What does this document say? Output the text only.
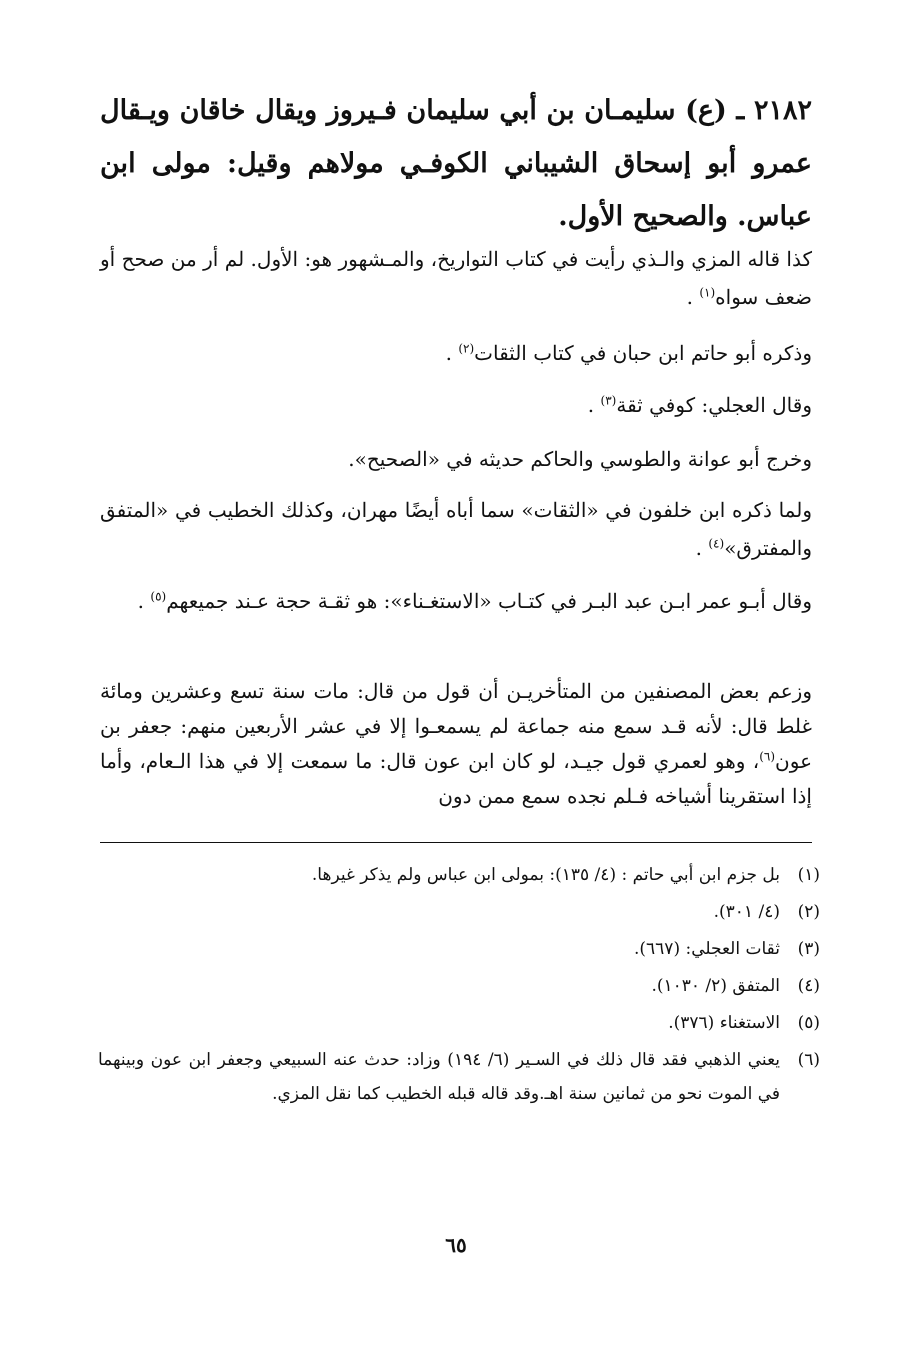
٢١٨٢ ـ (ع) سليمـان بن أبي سليمان فـيروز ويقال خاقان ويـقال عمرو أبو إسحاق الشيباني الكوفـي مولاهم وقيل: مولى ابن عباس. والصحيح الأول.

كذا قاله المزي والـذي رأيت في كتاب التواريخ، والمـشهور هو: الأول. لم أر من صحح أو ضعف سواه$^{(١)}$ .

وذكره أبو حاتم ابن حبان في كتاب الثقات$^{(٢)}$ .

وقال العجلي: كوفي ثقة$^{(٣)}$ .

وخرج أبو عوانة والطوسي والحاكم حديثه في «الصحيح».

ولما ذكره ابن خلفون في «الثقات» سما أباه أيضًا مهران، وكذلك الخطيب في «المتفق والمفترق»$^{(٤)}$ .

وقال أبـو عمر ابـن عبد البـر في كتـاب «الاستغـناء»: هو ثقـة حجة عـند جميعهم$^{(٥)}$ .

وزعم بعض المصنفين من المتأخريـن أن قول من قال: مات سنة تسع وعشرين ومائة غلط قال: لأنه قـد سمع منه جماعة لم يسمعـوا إلا في عشر الأربعين منهم: جعفر بن عون$^{(٦)}$، وهو لعمري قول جيـد، لو كان ابن عون قال: ما سمعت إلا في هذا الـعام، وأما إذا استقرينا أشياخه فـلم نجده سمع ممن دون

(١)
بل جزم ابن أبي حاتم : (٤/ ١٣٥): بمولى ابن عباس ولم يذكر غيرها.
(٢)
(٤/ ٣٠١).
(٣)
ثقات العجلي: (٦٦٧).
(٤)
المتفق (٢/ ١٠٣٠).
(٥)
الاستغناء (٣٧٦).
(٦)
يعني الذهبي فقد قال ذلك في السـير (٦/ ١٩٤) وزاد: حدث عنه السبيعي وجعفر ابن عون وبينهما في الموت نحو من ثمانين سنة اهـ.وقد قاله قبله الخطيب كما نقل المزي.
٦٥
